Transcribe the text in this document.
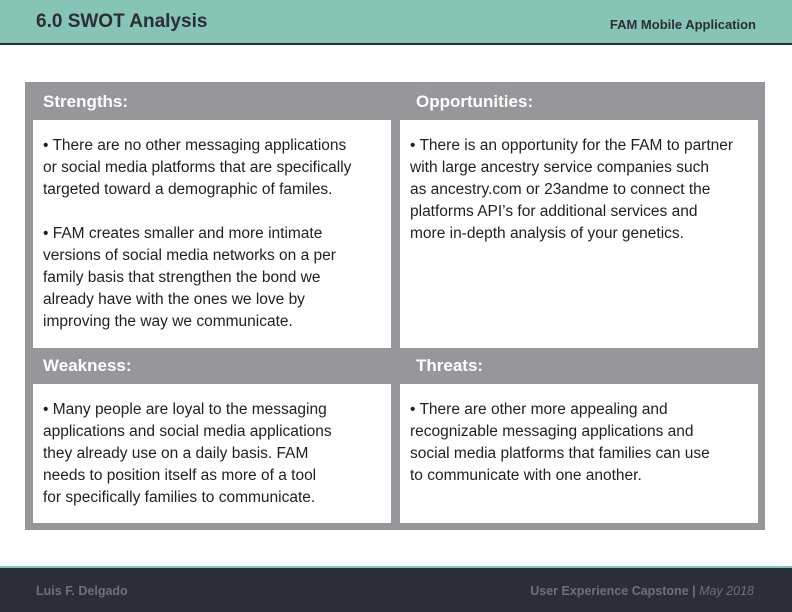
6.0 SWOT Analysis	FAM Mobile Application
Strengths:

• There are no other messaging applications
or social media platforms that are specifically
targeted toward a demographic of familes.

• FAM creates smaller and more intimate
versions of social media networks on a per
family basis that strengthen the bond we
already have with the ones we love by
improving the way we communicate.

Opportunities:

• There is an opportunity for the FAM to partner
with large ancestry service companies such
as ancestry.com or 23andme to connect the
platforms API’s for additional services and
more in-depth analysis of your genetics.

Weakness:

• Many people are loyal to the messaging
applications and social media applications
they already use on a daily basis. FAM
needs to position itself as more of a tool
for specifically families to communicate.

Threats:

• There are other more appealing and
recognizable messaging applications and
social media platforms that families can use
to communicate with one another.

Luis F. Delgado	User Experience Capstone | May 2018
